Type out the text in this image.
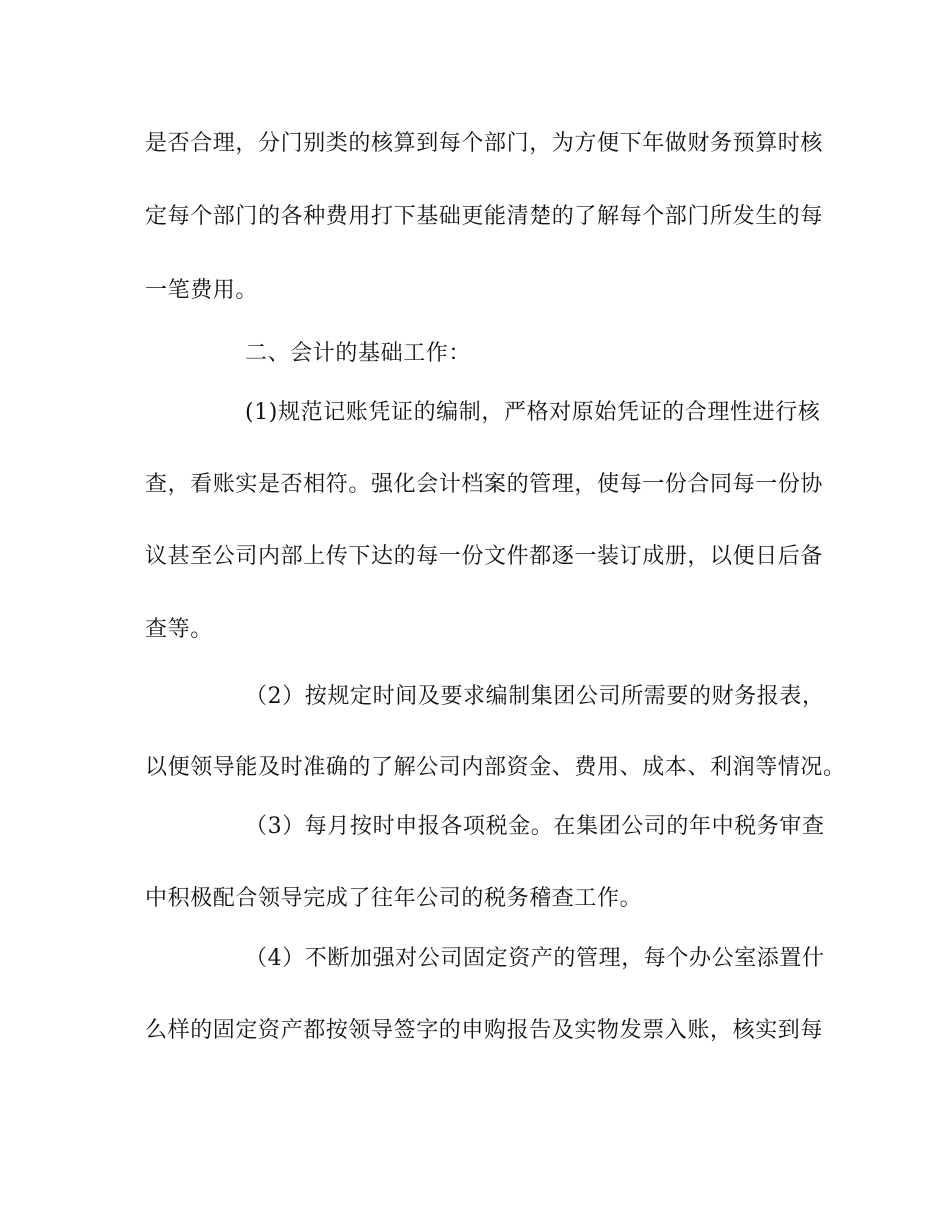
是否合理，分门别类的核算到每个部门，为方便下年做财务预算时核
定每个部门的各种费用打下基础更能清楚的了解每个部门所发生的每
一笔费用。
二、会计的基础工作：
(1)规范记账凭证的编制，严格对原始凭证的合理性进行核
查，看账实是否相符。强化会计档案的管理，使每一份合同每一份协
议甚至公司内部上传下达的每一份文件都逐一装订成册，以便日后备
查等。
（2）按规定时间及要求编制集团公司所需要的财务报表，
以便领导能及时准确的了解公司内部资金、费用、成本、利润等情况。
（3）每月按时申报各项税金。在集团公司的年中税务审查
中积极配合领导完成了往年公司的税务稽查工作。
（4）不断加强对公司固定资产的管理，每个办公室添置什
么样的固定资产都按领导签字的申购报告及实物发票入账，核实到每
